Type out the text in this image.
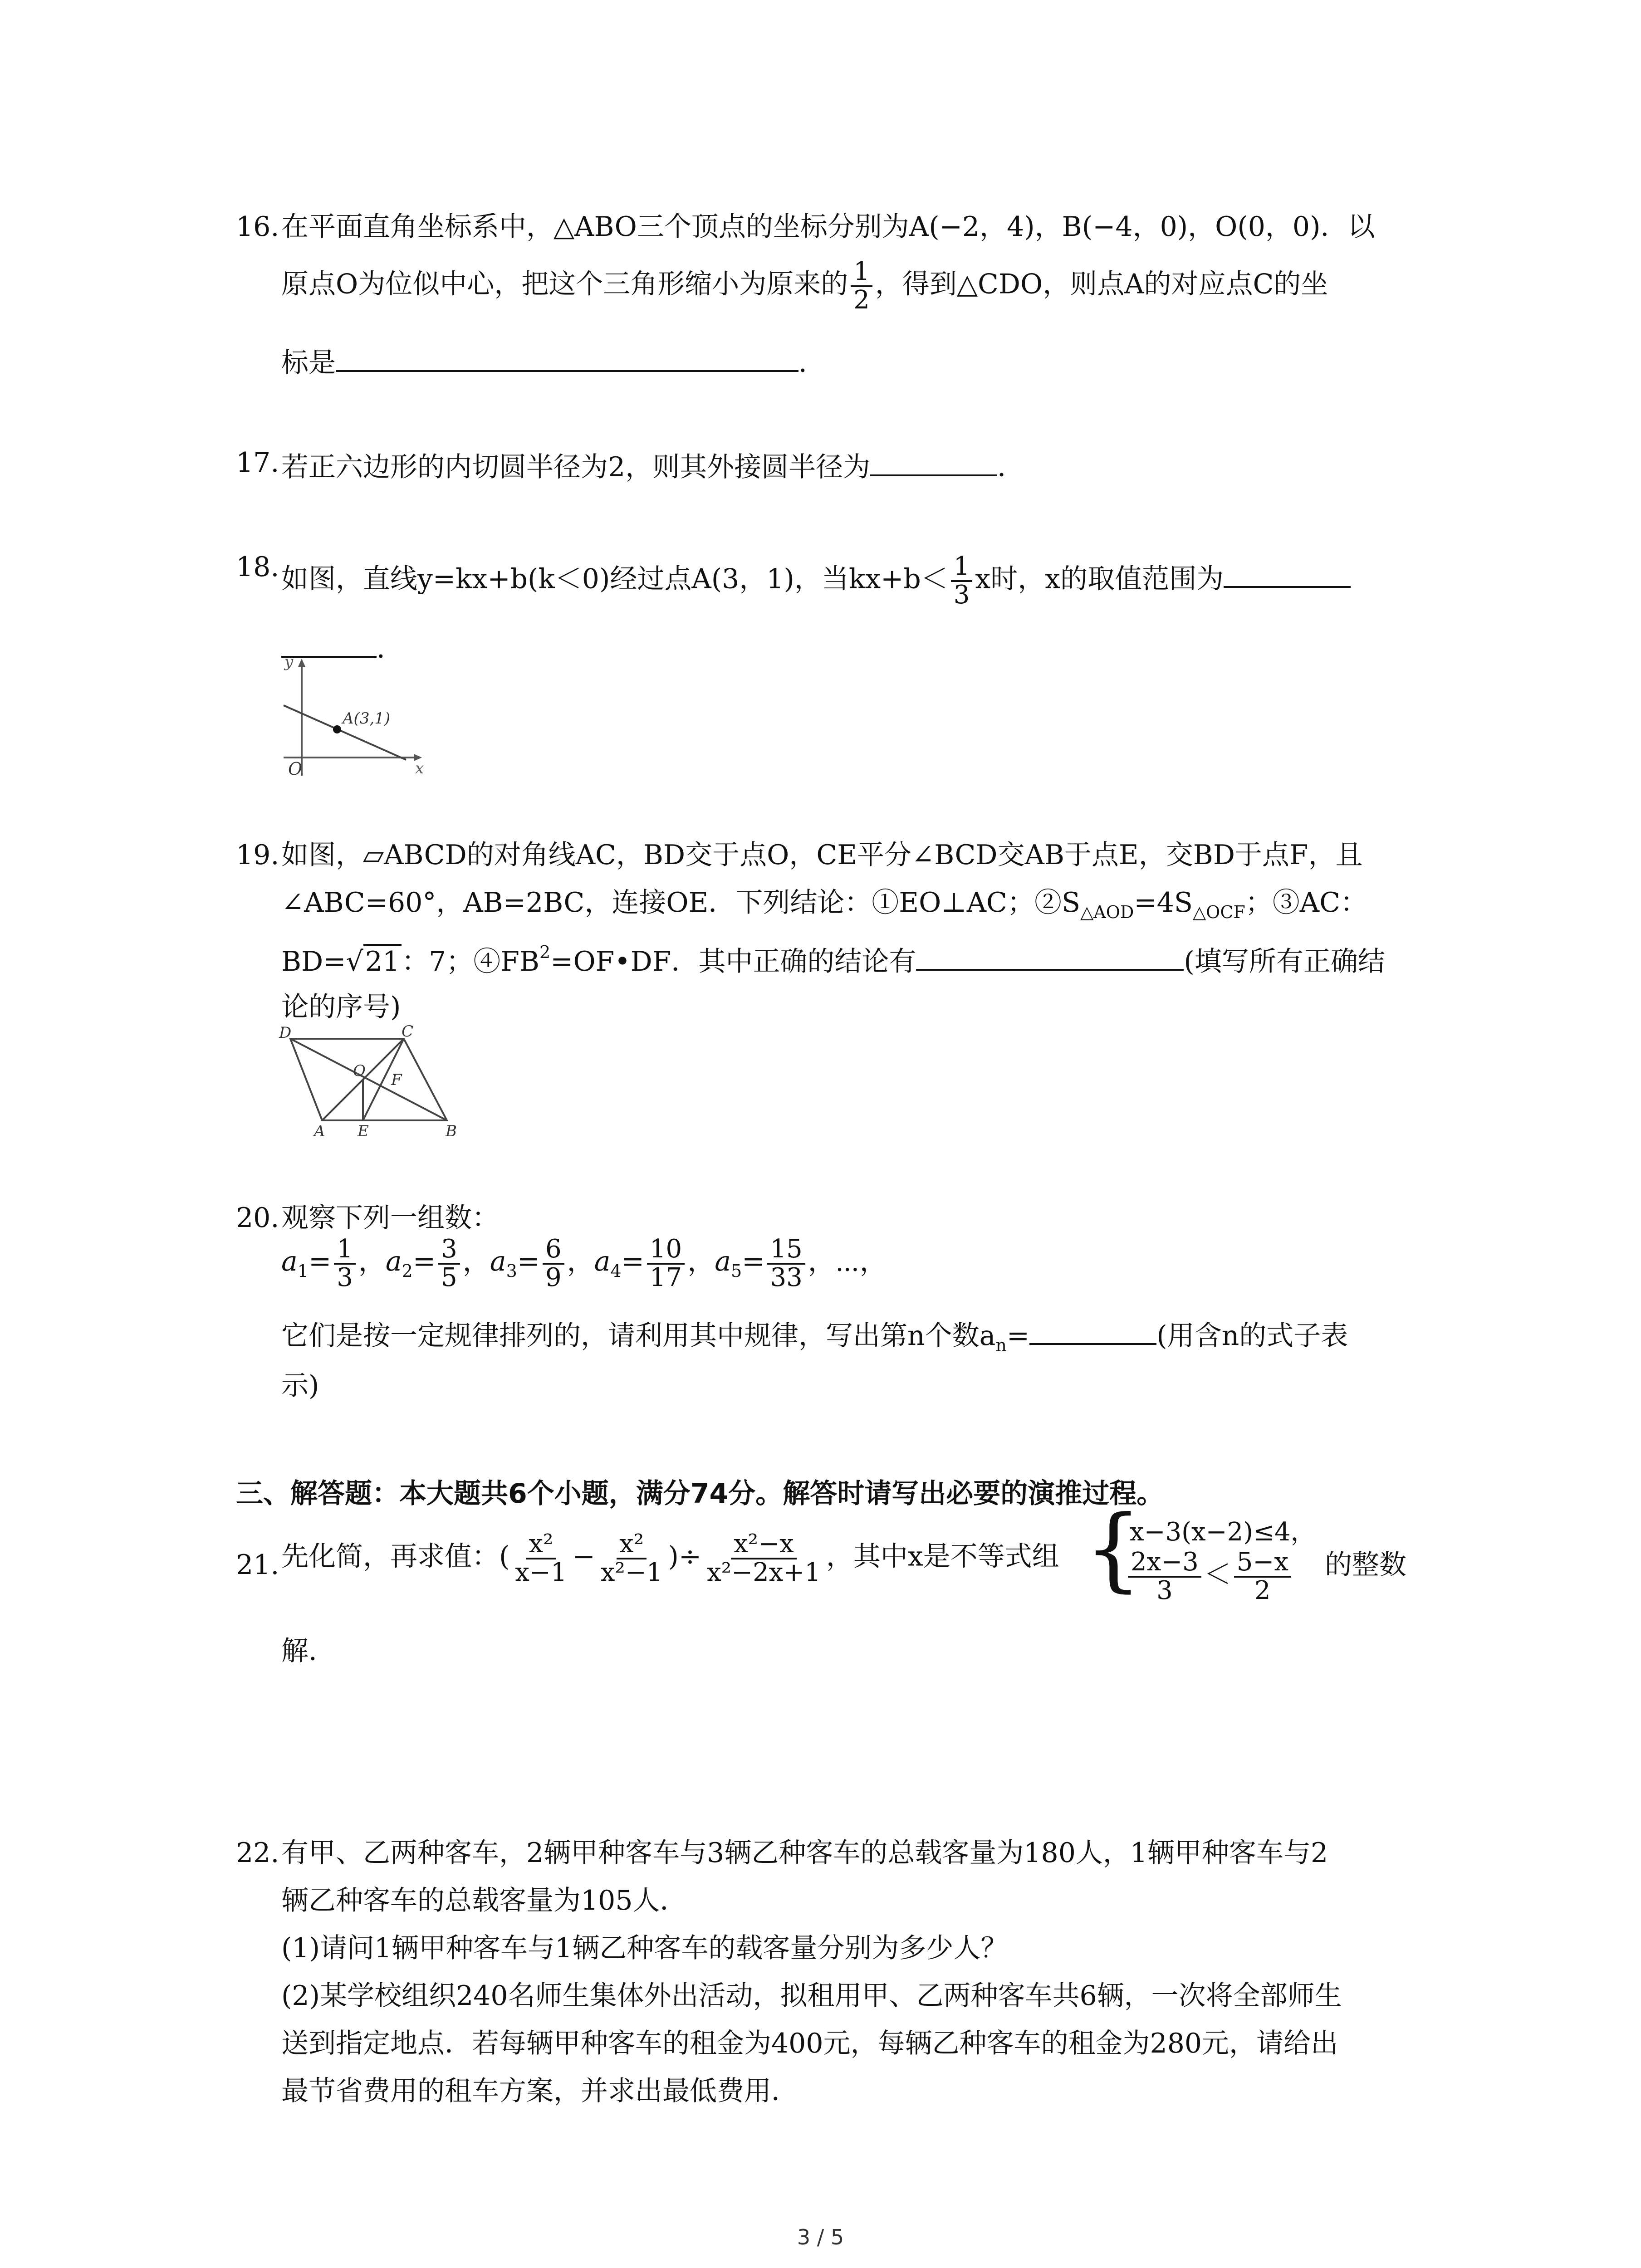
16. 在平面直角坐标系中，△ABO三个顶点的坐标分别为A(−2，4)，B(−4，0)，O(0，0)．以
原点O为位似中心，把这个三角形缩小为原来的 $\frac{1}{2}$ ，得到△CDO，则点A的对应点C的坐
标是	．
17. 若正六边形的内切圆半径为2，则其外接圆半径为	．
18. 如图，直线y=kx+b(k＜0)经过点A(3，1)，当$kx+b< \frac{1}{3}$ x时，x的取值范围为
．
y
x
O
A(3,1)
19. 如图，▱ABCD的对角线AC，BD交于点O，CE平分∠BCD交AB于点E，交BD于点F，且
∠ABC=60°，AB=2BC，连接OE．下列结论：①EO⊥AC；$②S_{\triangle AOD}=4S_{\triangle OCF}$；③AC：
BD=√21：7；$④FB^2=OF•DF$．其中正确的结论有	(填写所有正确结
论的序号)
D	C
O F
A E	B
20. 观察下列一组数：
$a_1= \frac{1}{3}$ ，$a_2= \frac{3}{5}$ ，$a_3= \frac{6}{9}$ ，$a_4= \frac{10}{17}$ ，$a_5= \frac{15}{33}$ ，⋯，
它们是按一定规律排列的，请利用其中规律，写出第n个数$a_n=$	(用含n的式子表
示)
三、解答题：本大题共6个小题，满分74分。解答时请写出必要的演推过程。
21. 先化简，再求值：( $\frac{\text{x²}}{x-1} - \frac{\text{x²}}{\text{x²−1}}$ )÷ $\frac{\text{x²−x}}{\text{x²−2x+1}}$ ，其中x是不等式组 {
x−3(x−2)≤4，
$\frac{2x-3}{3} < \frac{5-x}{2}$ 的整数
解．
22. 有甲、乙两种客车，2辆甲种客车与3辆乙种客车的总载客量为180人，1辆甲种客车与2
辆乙种客车的总载客量为105人．
(1)请问1辆甲种客车与1辆乙种客车的载客量分别为多少人？
(2)某学校组织240名师生集体外出活动，拟租用甲、乙两种客车共6辆，一次将全部师生
送到指定地点．若每辆甲种客车的租金为400元，每辆乙种客车的租金为280元，请给出
最节省费用的租车方案，并求出最低费用．
3 / 5
